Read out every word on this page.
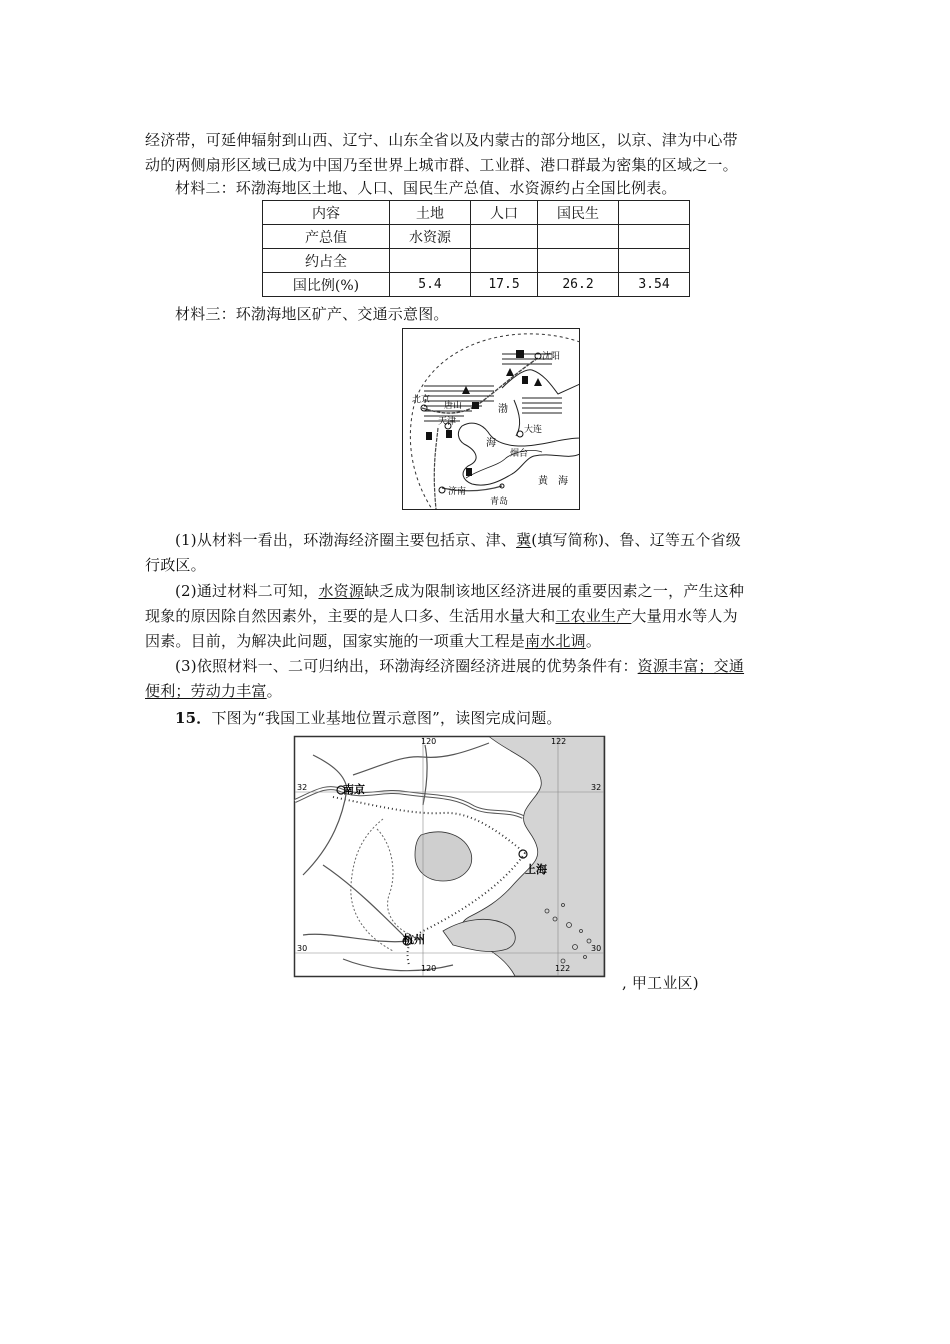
经济带，可延伸辐射到山西、辽宁、山东全省以及内蒙古的部分地区，以京、津为中心带
动的两侧扇形区域已成为中国乃至世界上城市群、工业群、港口群最为密集的区域之一。
材料二：环渤海地区土地、人口、国民生产总值、水资源约占全国比例表。
内容	土地	人口	国民生	
产总值	水资源			
约占全				
国比例(%)	5.4	17.5	26.2	3.54
材料三：环渤海地区矿产、交通示意图。
沈阳
北京
唐山
天津
渤
海
大连
烟台
黄　海
济南
青岛
(1)从材料一看出，环渤海经济圈主要包括京、津、冀(填写简称)、鲁、辽等五个省级
行政区。
(2)通过材料二可知，水资源缺乏成为限制该地区经济进展的重要因素之一，产生这种
现象的原因除自然因素外，主要的是人口多、生活用水量大和工农业生产大量用水等人为
因素。目前，为解决此问题，国家实施的一项重大工程是南水北调。
(3)依照材料一、二可归纳出，环渤海经济圈经济进展的优势条件有：资源丰富；交通
便利；劳动力丰富。
15．下图为“我国工业基地位置示意图”，读图完成问题。
120	122
32	32
南京
上海
杭州
30	30
120	122
, 甲工业区)
